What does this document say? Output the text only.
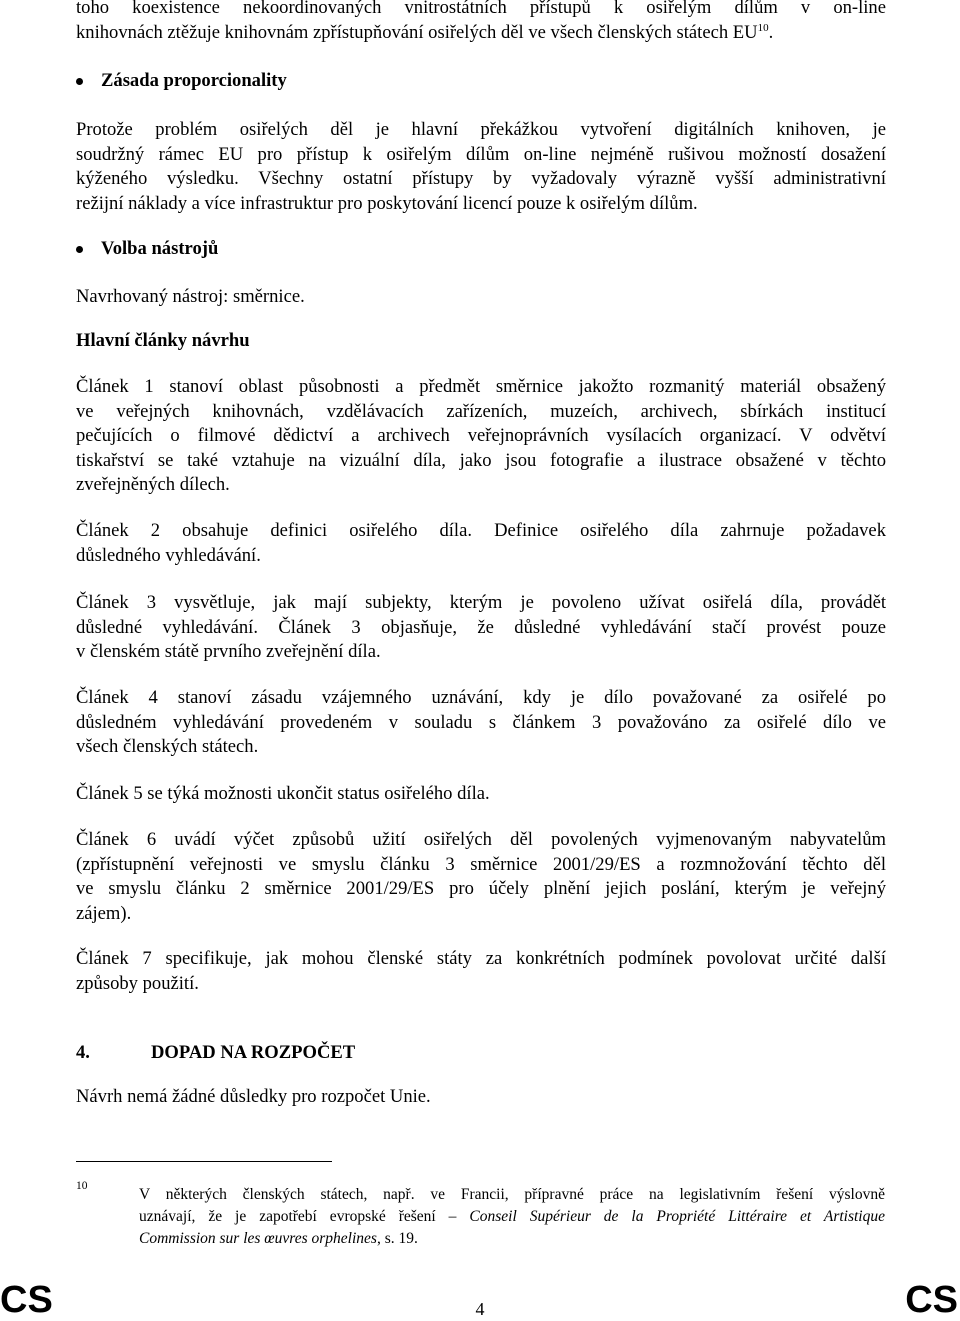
toho koexistence nekoordinovaných vnitrostátních přístupů k osiřelým dílům v on-line

knihovnách ztěžuje knihovnám zpřístupňování osiřelých děl ve všech členských státech EU$^{10}$.

Zásada proporcionality

Protože problém osiřelých děl je hlavní překážkou vytvoření digitálních knihoven, je

soudržný rámec EU pro přístup k osiřelým dílům on-line nejméně rušivou možností dosažení

kýženého výsledku. Všechny ostatní přístupy by vyžadovaly výrazně vyšší administrativní

režijní náklady a více infrastruktur pro poskytování licencí pouze k osiřelým dílům.

Volba nástrojů

Navrhovaný nástroj: směrnice.

Hlavní články návrhu

Článek 1 stanoví oblast působnosti a předmět směrnice jakožto rozmanitý materiál obsažený

ve veřejných knihovnách, vzdělávacích zařízeních, muzeích, archivech, sbírkách institucí

pečujících o filmové dědictví a archivech veřejnoprávních vysílacích organizací. V odvětví

tiskařství se také vztahuje na vizuální díla, jako jsou fotografie a ilustrace obsažené v těchto

zveřejněných dílech.

Článek 2 obsahuje definici osiřelého díla. Definice osiřelého díla zahrnuje požadavek

důsledného vyhledávání.

Článek 3 vysvětluje, jak mají subjekty, kterým je povoleno užívat osiřelá díla, provádět

důsledné vyhledávání. Článek 3 objasňuje, že důsledné vyhledávání stačí provést pouze

v členském státě prvního zveřejnění díla.

Článek 4 stanoví zásadu vzájemného uznávání, kdy je dílo považované za osiřelé po

důsledném vyhledávání provedeném v souladu s článkem 3 považováno za osiřelé dílo ve

všech členských státech.

Článek 5 se týká možnosti ukončit status osiřelého díla.

Článek 6 uvádí výčet způsobů užití osiřelých děl povolených vyjmenovaným nabyvatelům

(zpřístupnění veřejnosti ve smyslu článku 3 směrnice 2001/29/ES a rozmnožování těchto děl

ve smyslu článku 2 směrnice 2001/29/ES pro účely plnění jejich poslání, kterým je veřejný

zájem).

Článek 7 specifikuje, jak mohou členské státy za konkrétních podmínek povolovat určité další

způsoby použití.

4.	DOPAD NA ROZPOČET

Návrh nemá žádné důsledky pro rozpočet Unie.

10	V některých členských státech, např. ve Francii, přípravné práce na legislativním řešení výslovně

uznávají, že je zapotřebí evropské řešení – Conseil Supérieur de la Propriété Littéraire et Artistique

Commission sur les œuvres orphelines, s. 19.

CS	4	CS
